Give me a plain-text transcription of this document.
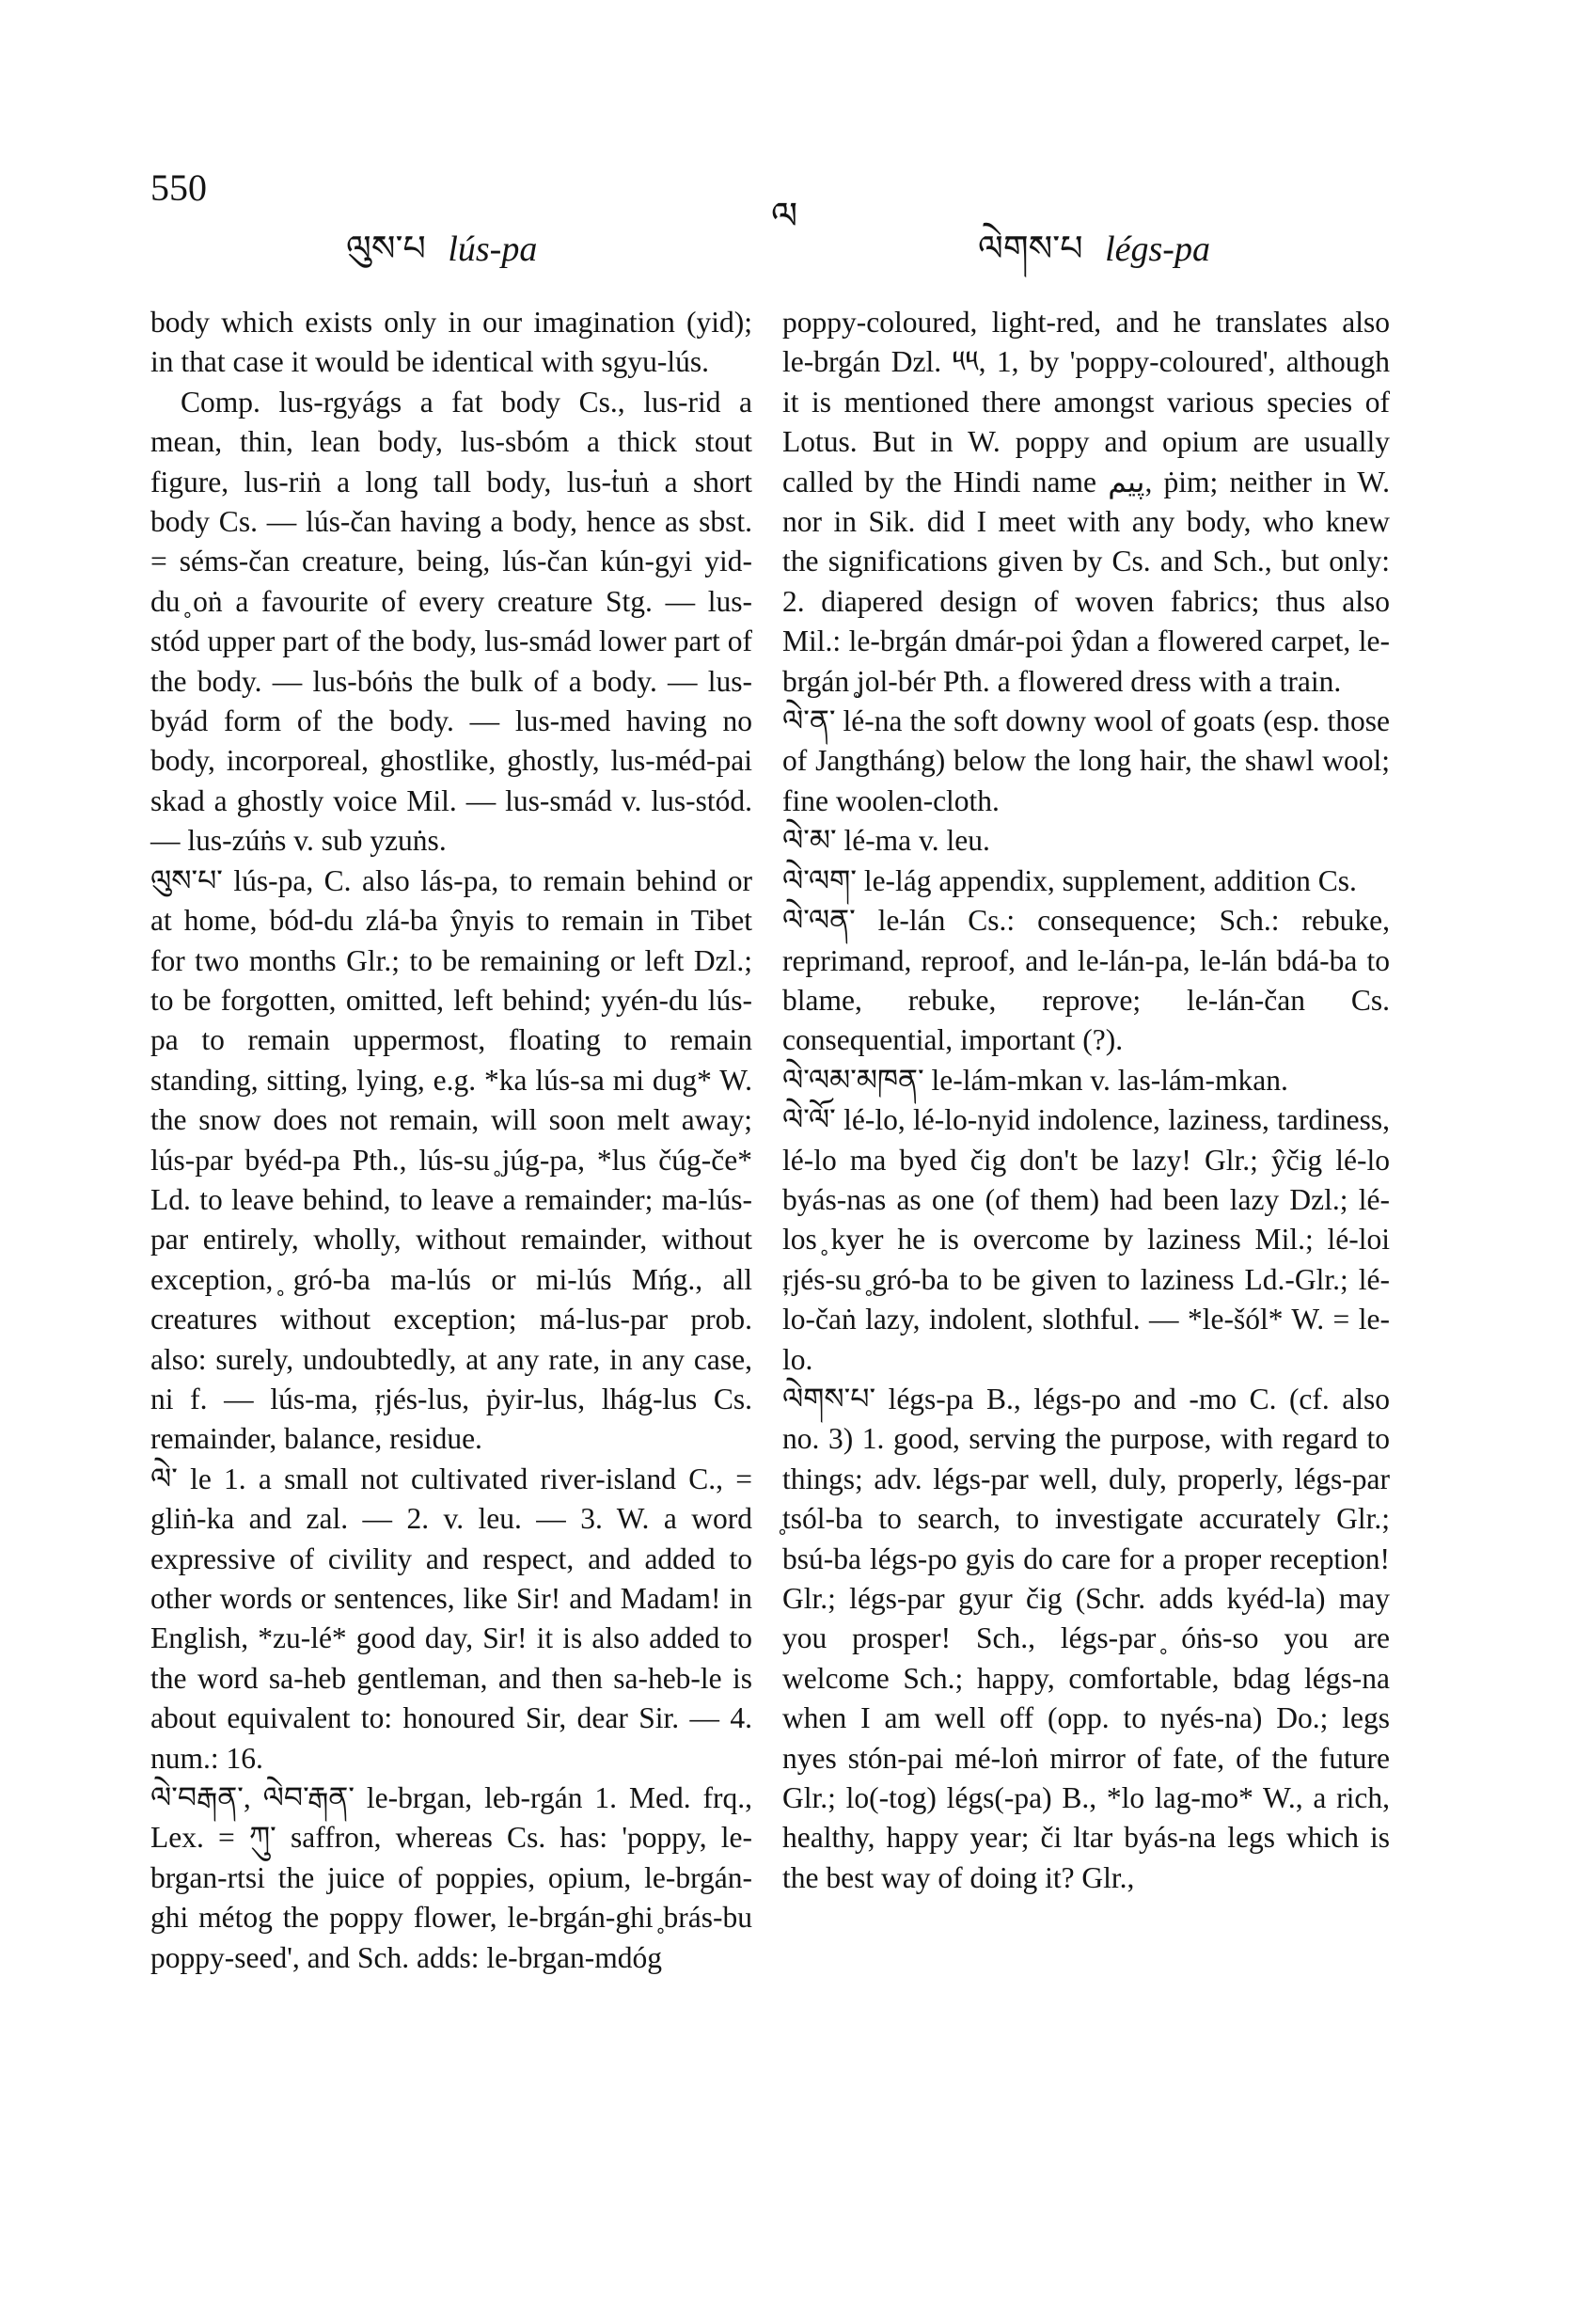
550
ལ
ལུས་པ lús-pa	ལེགས་པ légs-pa

body which exists only in our imagination (yid); in that case it would be identical with sgyu-lús.

Comp. lus-rgyágs a fat body Cs., lus-rid a mean, thin, lean body, lus-sbóm a thick stout figure, lus-riṅ a long tall body, lus-ṫuṅ a short body Cs. — lús-čan having a body, hence as sbst. = séms-čan creature, being, lús-čan kún-gyi yid-du ̥oṅ a favourite of every creature Stg. — lus-stód upper part of the body, lus-smád lower part of the body. — lus-bóṅs the bulk of a body. — lus-byád form of the body. — lus-med having no body, incorporeal, ghostlike, ghostly, lus-méd-pai skad a ghostly voice Mil. — lus-smád v. lus-stód. — lus-zúṅs v. sub yzuṅs.

ལུས་པ་ lús-pa, C. also lás-pa, to remain behind or at home, bód-du zlá-ba ŷnyis to remain in Tibet for two months Glr.; to be remaining or left Dzl.; to be forgotten, omitted, left behind; yyén-du lús-pa to remain uppermost, floating to remain standing, sitting, lying, e.g. *ka lús-sa mi dug* W. the snow does not remain, will soon melt away; lús-par byéd-pa Pth., lús-su ̥júg-pa, *lus čúg-če* Ld. to leave behind, to leave a remainder; ma-lús-par entirely, wholly, without remainder, without exception, ̥gró-ba ma-lús or mi-lús Mńg., all creatures without exception; má-lus-par prob. also: surely, undoubtedly, at any rate, in any case, ni f. — lús-ma, ŗjés-lus, ṗyir-lus, lhág-lus Cs. remainder, balance, residue.

ལེ་ le 1. a small not cultivated river-island C., = gliṅ-ka and zal. — 2. v. leu. — 3. W. a word expressive of civility and respect, and added to other words or sentences, like Sir! and Madam! in English, *zu-lé* good day, Sir! it is also added to the word sa-heb gentleman, and then sa-heb-le is about equivalent to: honoured Sir, dear Sir. — 4. num.: 16.

ལེ་བརྒན་, ལེབ་རྒན་ le-brgan, leb-rgán 1. Med. frq., Lex. = ཀུ་ saffron, whereas Cs. has: 'poppy, le-brgan-rtsi the juice of poppies, opium, le-brgán-ghi métog the poppy flower, le-brgán-ghi ̥brás-bu poppy-seed', and Sch. adds: le-brgan-mdóg

poppy-coloured, light-red, and he translates also le-brgán Dzl. ༥༥, 1, by 'poppy-coloured', although it is mentioned there amongst various species of Lotus. But in W. poppy and opium are usually called by the Hindi name پیم, ṗim; neither in W. nor in Sik. did I meet with any body, who knew the significations given by Cs. and Sch., but only: 2. diapered design of woven fabrics; thus also Mil.: le-brgán dmár-poi ŷdan a flowered carpet, le-brgán ̥jol-bér Pth. a flowered dress with a train.

ལེ་ན་ lé-na the soft downy wool of goats (esp. those of Jangtháng) below the long hair, the shawl wool; fine woolen-cloth.

ལེ་མ་ lé-ma v. leu.

ལེ་ལག་ le-lág appendix, supplement, addition Cs.

ལེ་ལན་ le-lán Cs.: consequence; Sch.: rebuke, reprimand, reproof, and le-lán-pa, le-lán bdá-ba to blame, rebuke, reprove; le-lán-čan Cs. consequential, important (?).

ལེ་ལམ་མཁན་ le-lám-mkan v. las-lám-mkan.

ལེ་ལོ་ lé-lo, lé-lo-nyid indolence, laziness, tardiness, lé-lo ma byed čig don't be lazy! Glr.; ŷčig lé-lo byás-nas as one (of them) had been lazy Dzl.; lé-los ̥kyer he is overcome by laziness Mil.; lé-loi ŗjés-su ̥gró-ba to be given to laziness Ld.-Glr.; lé-lo-čaṅ lazy, indolent, slothful. — *le-šól* W. = le-lo.

ལེགས་པ་ légs-pa B., légs-po and -mo C. (cf. also no. 3) 1. good, serving the purpose, with regard to things; adv. légs-par well, duly, properly, légs-par ̥tsól-ba to search, to investigate accurately Glr.; bsú-ba légs-po gyis do care for a proper reception! Glr.; légs-par gyur čig (Schr. adds kyéd-la) may you prosper! Sch., légs-par ̥óṅs-so you are welcome Sch.; happy, comfortable, bdag légs-na when I am well off (opp. to nyés-na) Do.; legs nyes stón-pai mé-loṅ mirror of fate, of the future Glr.; lo(-tog) légs(-pa) B., *lo lag-mo* W., a rich, healthy, happy year; či ltar byás-na legs which is the best way of doing it? Glr.,
